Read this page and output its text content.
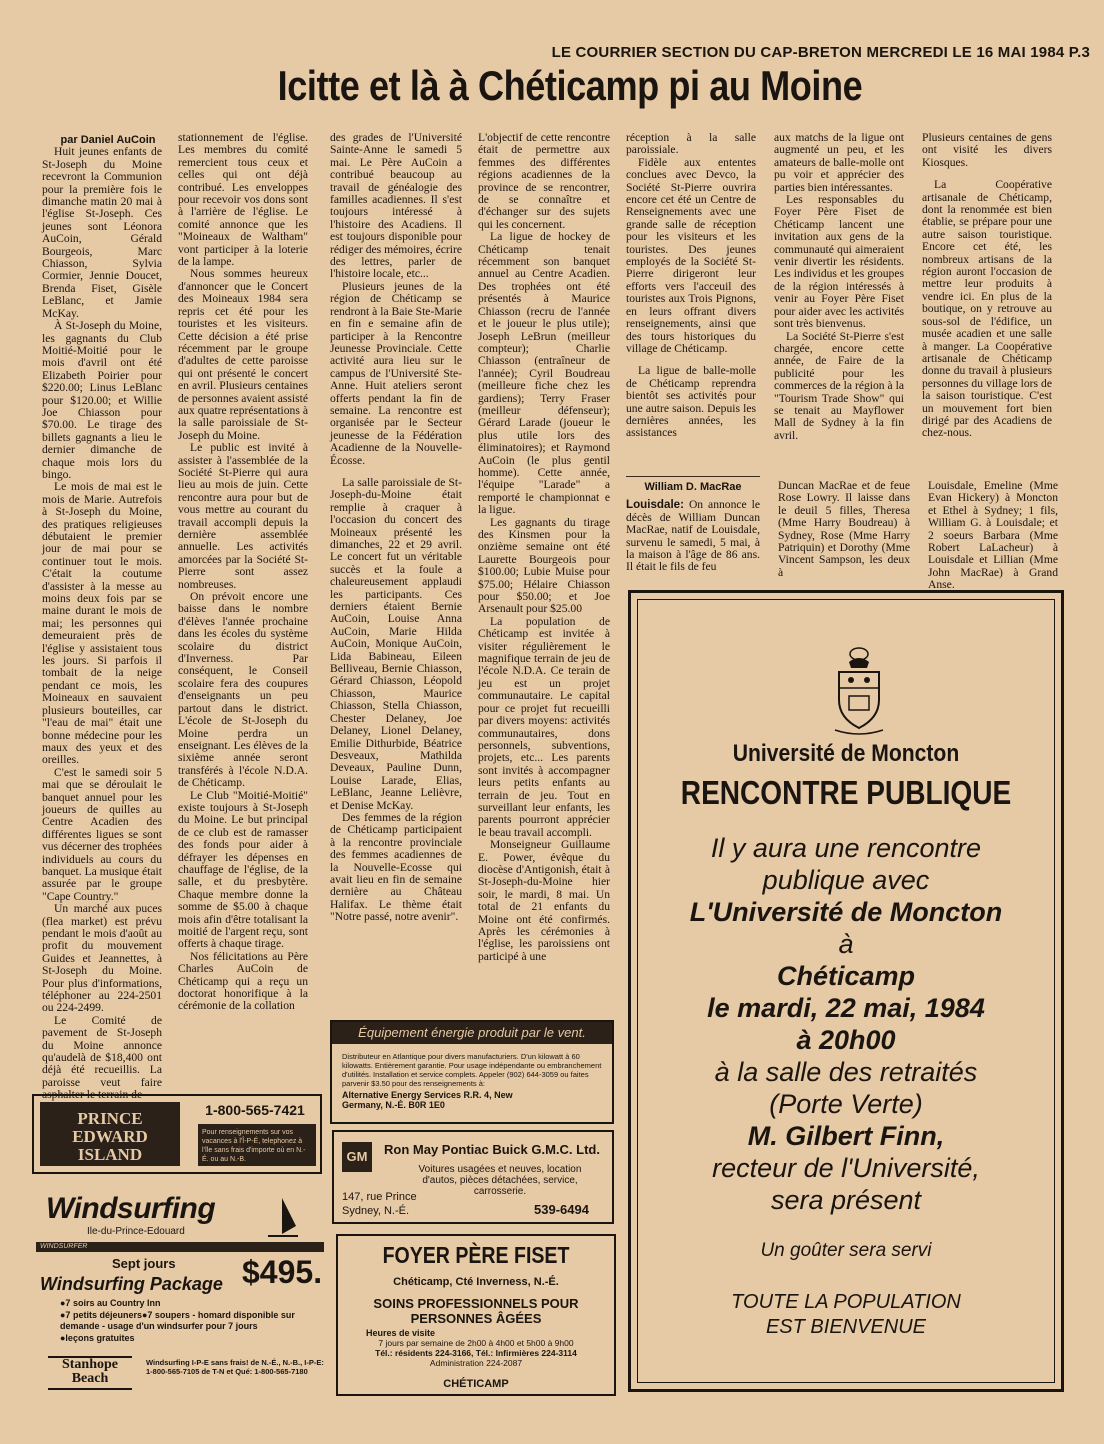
LE COURRIER SECTION DU CAP-BRETON MERCREDI LE 16 MAI 1984 P.3
Icitte et là à Chéticamp pi au Moine

par Daniel AuCoin

Huit jeunes enfants de St-Joseph du Moine recevront la Communion pour la première fois le dimanche matin 20 mai à l'église St-Joseph. Ces jeunes sont Léonora AuCoin, Gérald Bourgeois, Marc Chiasson, Sylvia Cormier, Jennie Doucet, Brenda Fiset, Gisèle LeBlanc, et Jamie McKay.

À St-Joseph du Moine, les gagnants du Club Moitié-Moitié pour le mois d'avril ont été Elizabeth Poirier pour $220.00; Linus LeBlanc pour $120.00; et Willie Joe Chiasson pour $70.00. Le tirage des billets gagnants a lieu le dernier dimanche de chaque mois lors du bingo.

Le mois de mai est le mois de Marie. Autrefois à St-Joseph du Moine, des pratiques religieuses débutaient le premier jour de mai pour se continuer tout le mois. C'était la coutume d'assister à la messe au moins deux fois par se maine durant le mois de mai; les personnes qui demeuraient près de l'église y assistaient tous les jours. Si parfois il tombait de la neige pendant ce mois, les Moineaux en sauvaient plusieurs bouteilles, car "l'eau de mai" était une bonne médecine pour les maux des yeux et des oreilles.

C'est le samedi soir 5 mai que se déroulait le banquet annuel pour les joueurs de quilles au Centre Acadien des différentes ligues se sont vus décerner des trophées individuels au cours du banquet. La musique était assurée par le groupe "Cape Country."

Un marché aux puces (flea market) est prévu pendant le mois d'août au profit du mouvement Guides et Jeannettes, à St-Joseph du Moine. Pour plus d'informations, téléphoner au 224-2501 ou 224-2499.

Le Comité de pavement de St-Joseph du Moine annonce qu'audelà de $18,400 ont déjà été recueillis. La paroisse veut faire asphalter le terrain de

stationnement de l'église. Les membres du comité remercient tous ceux et celles qui ont déjà contribué. Les enveloppes pour recevoir vos dons sont à l'arrière de l'église. Le comité annonce que les "Moineaux de Waltham" vont participer à la loterie de la lampe.

Nous sommes heureux d'annoncer que le Concert des Moineaux 1984 sera repris cet été pour les touristes et les visiteurs. Cette décision a été prise récemment par le groupe d'adultes de cette paroisse qui ont présenté le concert en avril. Plusieurs centaines de personnes avaient assisté aux quatre représentations à la salle paroissiale de St-Joseph du Moine.

Le public est invité à assister à l'assemblée de la Société St-Pierre qui aura lieu au mois de juin. Cette rencontre aura pour but de vous mettre au courant du travail accompli depuis la dernière assemblée annuelle. Les activités amorcées par la Société St-Pierre sont assez nombreuses.

On prévoit encore une baisse dans le nombre d'élèves l'année prochaine dans les écoles du système scolaire du district d'Inverness. Par conséquent, le Conseil scolaire fera des coupures d'enseignants un peu partout dans le district. L'école de St-Joseph du Moine perdra un enseignant. Les élèves de la sixième année seront transférés à l'école N.D.A. de Chéticamp.

Le Club "Moitié-Moitié" existe toujours à St-Joseph du Moine. Le but principal de ce club est de ramasser des fonds pour aider à défrayer les dépenses en chauffage de l'église, de la salle, et du presbytère. Chaque membre donne la somme de $5.00 à chaque mois afin d'être totalisant la moitié de l'argent reçu, sont offerts à chaque tirage.

Nos félicitations au Père Charles AuCoin de Chéticamp qui a reçu un doctorat honorifique à la cérémonie de la collation

des grades de l'Université Sainte-Anne le samedi 5 mai. Le Père AuCoin a contribué beaucoup au travail de généalogie des familles acadiennes. Il s'est toujours intéressé à l'histoire des Acadiens. Il est toujours disponible pour rédiger des mémoires, écrire des lettres, parler de l'histoire locale, etc...

Plusieurs jeunes de la région de Chéticamp se rendront à la Baie Ste-Marie en fin e semaine afin de participer à la Rencontre Jeunesse Provinciale. Cette activité aura lieu sur le campus de l'Université Ste-Anne. Huit ateliers seront offerts pendant la fin de semaine. La rencontre est organisée par le Secteur jeunesse de la Fédération Acadienne de la Nouvelle-Écosse.

La salle paroissiale de St-Joseph-du-Moine était remplie à craquer à l'occasion du concert des Moineaux présenté les dimanches, 22 et 29 avril. Le concert fut un véritable succès et la foule a chaleureusement applaudi les participants. Ces derniers étaient Bernie AuCoin, Louise Anna AuCoin, Marie Hilda AuCoin, Monique AuCoin, Lida Babineau, Eileen Belliveau, Bernie Chiasson, Gérard Chiasson, Léopold Chiasson, Maurice Chiasson, Stella Chiasson, Chester Delaney, Joe Delaney, Lionel Delaney, Emilie Dithurbide, Béatrice Desveaux, Mathilda Deveaux, Pauline Dunn, Louise Larade, Elias, LeBlanc, Jeanne Lelièvre, et Denise McKay.

Des femmes de la région de Chéticamp participaient à la rencontre provinciale des femmes acadiennes de la Nouvelle-Ecosse qui avait lieu en fin de semaine dernière au Château Halifax. Le thème était "Notre passé, notre avenir".

L'objectif de cette rencontre était de permettre aux femmes des différentes régions acadiennes de la province de se rencontrer, de se connaître et d'échanger sur des sujets qui les concernent.

La ligue de hockey de Chéticamp tenait récemment son banquet annuel au Centre Acadien. Des trophées ont été présentés à Maurice Chiasson (recru de l'année et le joueur le plus utile); Joseph LeBrun (meilleur compteur); Charlie Chiasson (entraîneur de l'année); Cyril Boudreau (meilleure fiche chez les gardiens); Terry Fraser (meilleur défenseur); Gérard Larade (joueur le plus utile lors des éliminatoires); et Raymond AuCoin (le plus gentil homme). Cette année, l'équipe "Larade" a remporté le championnat e la ligue.

Les gagnants du tirage des Kinsmen pour la onzième semaine ont été Laurette Bourgeois pour $100.00; Lubie Muise pour $75.00; Hélaire Chiasson pour $50.00; et Joe Arsenault pour $25.00

La population de Chéticamp est invitée à visiter régulièrement le magnifique terrain de jeu de l'école N.D.A. Ce terain de jeu est un projet communautaire. Le capital pour ce projet fut recueilli par divers moyens: activités communautaires, dons personnels, subventions, projets, etc... Les parents sont invités à accompagner leurs petits enfants au terrain de jeu. Tout en surveillant leur enfants, les parents pourront apprécier le beau travail accompli.

Monseigneur Guillaume E. Power, évêque du diocèse d'Antigonish, était à St-Joseph-du-Moine hier soir, le mardi, 8 mai. Un total de 21 enfants du Moine ont été confirmés. Après les cérémonies à l'église, les paroissiens ont participé à une

réception à la salle paroissiale.

Fidèle aux ententes conclues avec Devco, la Société St-Pierre ouvrira encore cet été un Centre de Renseignements avec une grande salle de réception pour les visiteurs et les touristes. Des jeunes employés de la Société St-Pierre dirigeront leur efforts vers l'acceuil des touristes aux Trois Pignons, en leurs offrant divers renseignements, ainsi que des tours historiques du village de Chéticamp.

La ligue de balle-molle de Chéticamp reprendra bientôt ses activités pour une autre saison. Depuis les dernières années, les assistances

aux matchs de la ligue ont augmenté un peu, et les amateurs de balle-molle ont pu voir et apprécier des parties bien intéressantes.

Les responsables du Foyer Père Fiset de Chéticamp lancent une invitation aux gens de la communauté qui aimeraient venir divertir les résidents. Les individus et les groupes de la région intéressés à venir au Foyer Père Fiset pour aider avec les activités sont très bienvenus.

La Société St-Pierre s'est chargée, encore cette année, de Faire de la publicité pour les commerces de la région à la "Tourism Trade Show" qui se tenait au Mayflower Mall de Sydney à la fin avril.

Plusieurs centaines de gens ont visité les divers Kiosques.

La Coopérative artisanale de Chéticamp, dont la renommée est bien établie, se prépare pour une autre saison touristique. Encore cet été, les nombreux artisans de la région auront l'occasion de mettre leur produits à vendre ici. En plus de la boutique, on y retrouve au sous-sol de l'édifice, un musée acadien et une salle à manger. La Coopérative artisanale de Chéticamp donne du travail à plusieurs personnes du village lors de la saison touristique. C'est un mouvement fort bien dirigé par des Acadiens de chez-nous.

William D. MacRae

Louisdale: On annonce le décès de William Duncan MacRae, natif de Louisdale, survenu le samedi, 5 mai, à la maison à l'âge de 86 ans. Il était le fils de feu

Duncan MacRae et de feue Rose Lowry. Il laisse dans le deuil 5 filles, Theresa (Mme Harry Boudreau) à Sydney, Rose (Mme Harry Patriquin) et Dorothy (Mme Vincent Sampson, les deux à

Louisdale, Emeline (Mme Evan Hickery) à Moncton et Ethel à Sydney; 1 fils, William G. à Louisdale; et 2 soeurs Barbara (Mme Robert LaLacheur) à Louisdale et Lillian (Mme John MacRae) à Grand Anse.

PRINCE EDWARD ISLAND
1-800-565-7421
Pour renseignements sur vos vacances à l'Î-P-É, telephonez à l'île sans frais d'importe où en N.-É. ou au N.-B.
Windsurfing
Ile-du-Prince-Edouard
WINDSURFER
Sept jours
Windsurfing Package $495.
●7 soirs au Country Inn
●7 petits déjeuners●7 soupers - homard disponible sur demande - usage d'un windsurfer pour 7 jours
●leçons gratuites
Stanhope Beach
Windsurfing I-P-E sans frais! de N.-É., N.-B., I-P-E: 1-800-565-7105 de T-N et Qué: 1-800-565-7180
Équipement énergie produit par le vent.
Distributeur en Atlantique pour divers manufacturiers. D'un kilowatt à 60 kilowatts. Entièrement garantie. Pour usage indépendante ou embranchement d'utilités. Installation et service complets. Appeler (902) 644-3059 ou faites parvenir $3.50 pour des renseignements à:
Alternative Energy Services R.R. 4, New Germany, N.-É. B0R 1E0
GM	Ron May Pontiac Buick G.M.C. Ltd.
Voitures usagées et neuves, location d'autos, pièces détachées, service, carrosserie.
147, rue Prince
Sydney, N.-É.	539-6494
FOYER PÈRE FISET
Chéticamp, Cté Inverness, N.-É.
SOINS PROFESSIONNELS POUR PERSONNES ÂGÉES
Heures de visite
7 jours par semaine de 2h00 à 4h00 et 5h00 à 9h00
Tél.: résidents 224-3166, Tél.: Infirmières 224-3114
Administration 224-2087
CHÉTICAMP
Université de Moncton
RENCONTRE PUBLIQUE
Il y aura une rencontre
publique avec
L'Université de Moncton
à
Chéticamp
le mardi, 22 mai, 1984
à 20h00
à la salle des retraités
(Porte Verte)
M. Gilbert Finn,
recteur de l'Université,
sera présent
Un goûter sera servi
TOUTE LA POPULATION
EST BIENVENUE
